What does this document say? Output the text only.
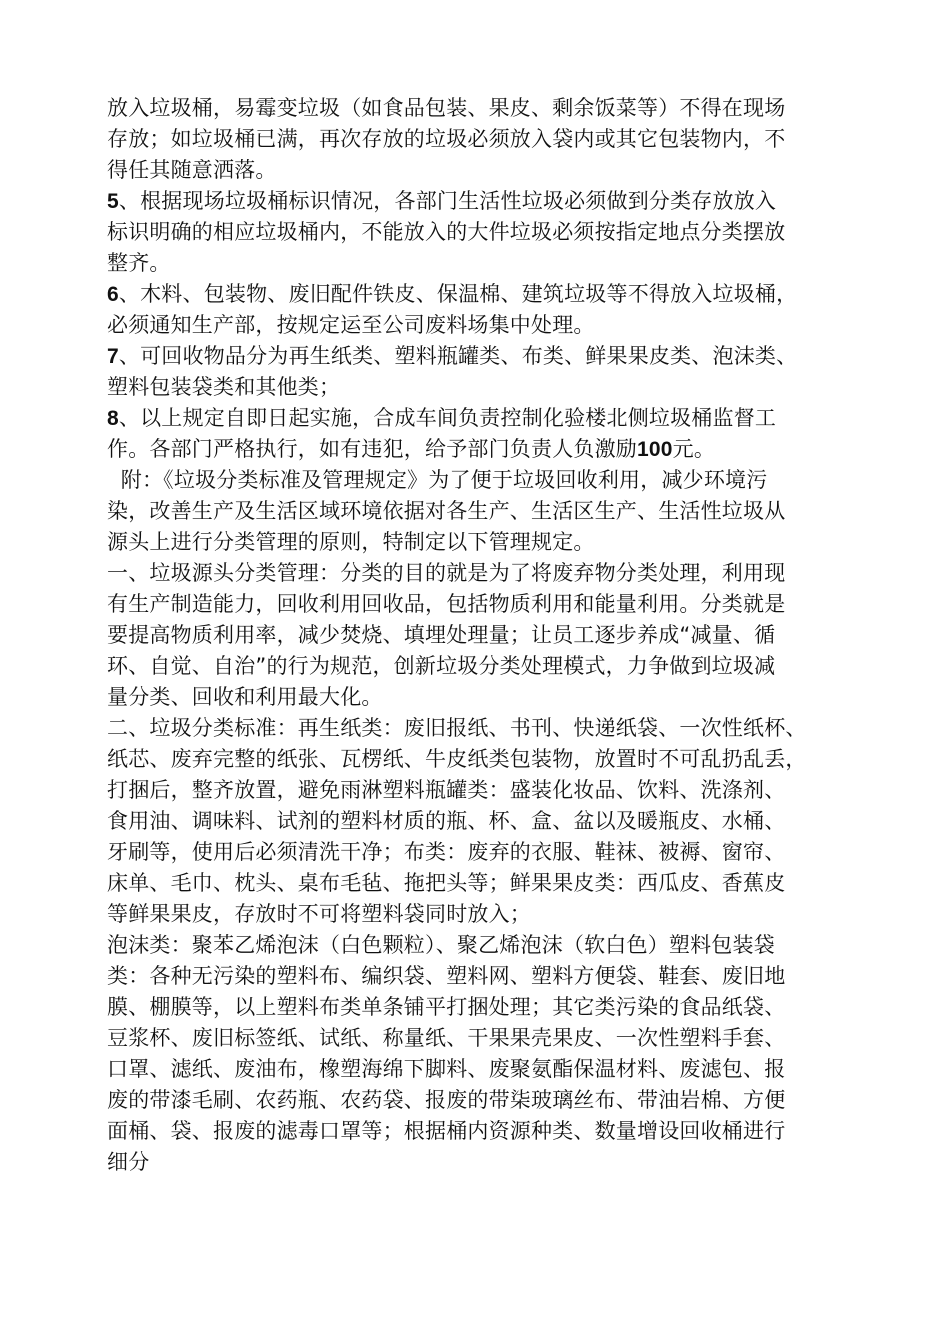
放入垃圾桶，易霉变垃圾（如食品包装、果皮、剩余饭菜等）不得在现场
存放；如垃圾桶已满，再次存放的垃圾必须放入袋内或其它包装物内，不
得任其随意洒落。

5、根据现场垃圾桶标识情况，各部门生活性垃圾必须做到分类存放放入
标识明确的相应垃圾桶内，不能放入的大件垃圾必须按指定地点分类摆放
整齐。

6、木料、包装物、废旧配件铁皮、保温棉、建筑垃圾等不得放入垃圾桶，
必须通知生产部，按规定运至公司废料场集中处理。

7、可回收物品分为再生纸类、塑料瓶罐类、布类、鲜果果皮类、泡沫类、
塑料包装袋类和其他类；

8、以上规定自即日起实施，合成车间负责控制化验楼北侧垃圾桶监督工
作。各部门严格执行，如有违犯，给予部门负责人负激励100元。

附：《垃圾分类标准及管理规定》为了便于垃圾回收利用，减少环境污
染，改善生产及生活区域环境依据对各生产、生活区生产、生活性垃圾从
源头上进行分类管理的原则，特制定以下管理规定。

一、垃圾源头分类管理：分类的目的就是为了将废弃物分类处理，利用现
有生产制造能力，回收利用回收品，包括物质利用和能量利用。分类就是
要提高物质利用率，减少焚烧、填埋处理量；让员工逐步养成“减量、循
环、自觉、自治”的行为规范，创新垃圾分类处理模式，力争做到垃圾减
量分类、回收和利用最大化。

二、垃圾分类标准：再生纸类：废旧报纸、书刊、快递纸袋、一次性纸杯、
纸芯、废弃完整的纸张、瓦楞纸、牛皮纸类包装物，放置时不可乱扔乱丢，
打捆后，整齐放置，避免雨淋塑料瓶罐类：盛装化妆品、饮料、洗涤剂、
食用油、调味料、试剂的塑料材质的瓶、杯、盒、盆以及暖瓶皮、水桶、
牙刷等，使用后必须清洗干净；布类：废弃的衣服、鞋袜、被褥、窗帘、
床单、毛巾、枕头、桌布毛毡、拖把头等；鲜果果皮类：西瓜皮、香蕉皮
等鲜果果皮，存放时不可将塑料袋同时放入；

泡沫类：聚苯乙烯泡沫（白色颗粒）、聚乙烯泡沫（软白色）塑料包装袋
类：各种无污染的塑料布、编织袋、塑料网、塑料方便袋、鞋套、废旧地
膜、棚膜等，以上塑料布类单条铺平打捆处理；其它类污染的食品纸袋、
豆浆杯、废旧标签纸、试纸、称量纸、干果果壳果皮、一次性塑料手套、
口罩、滤纸、废油布，橡塑海绵下脚料、废聚氨酯保温材料、废滤包、报
废的带漆毛刷、农药瓶、农药袋、报废的带柒玻璃丝布、带油岩棉、方便
面桶、袋、报废的滤毒口罩等；根据桶内资源种类、数量增设回收桶进行
细分
